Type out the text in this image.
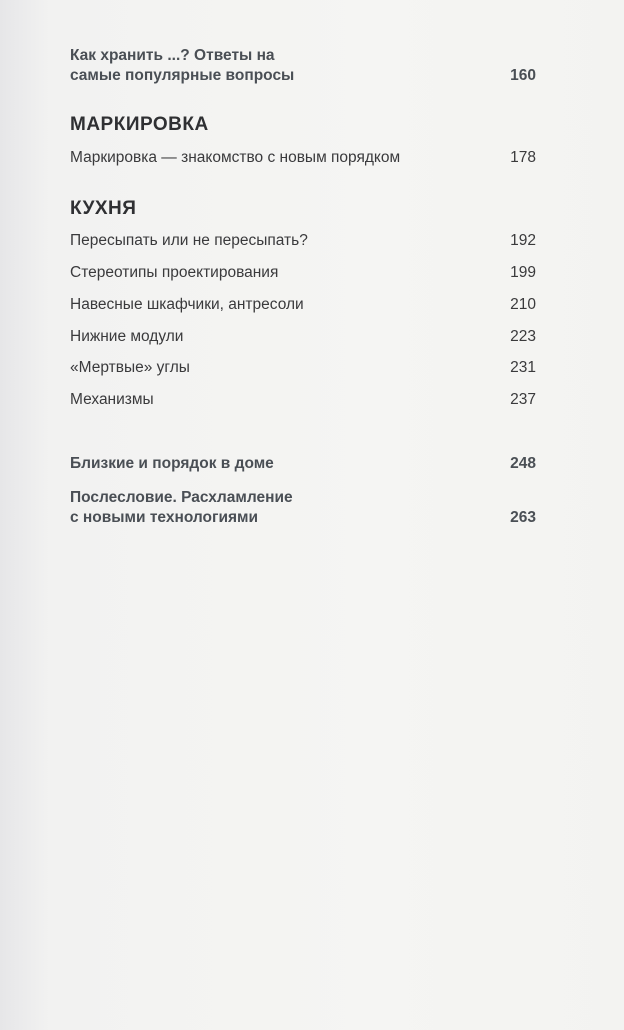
Как хранить ...? Ответы на
самые популярные вопросы	160
МАРКИРОВКА
Маркировка — знакомство с новым порядком	178
КУХНЯ
Пересыпать или не пересыпать?	192
Стереотипы проектирования	199
Навесные шкафчики, антресоли	210
Нижние модули	223
«Мертвые» углы	231
Механизмы	237
Близкие и порядок в доме	248
Послесловие. Расхламление
с новыми технологиями	263
